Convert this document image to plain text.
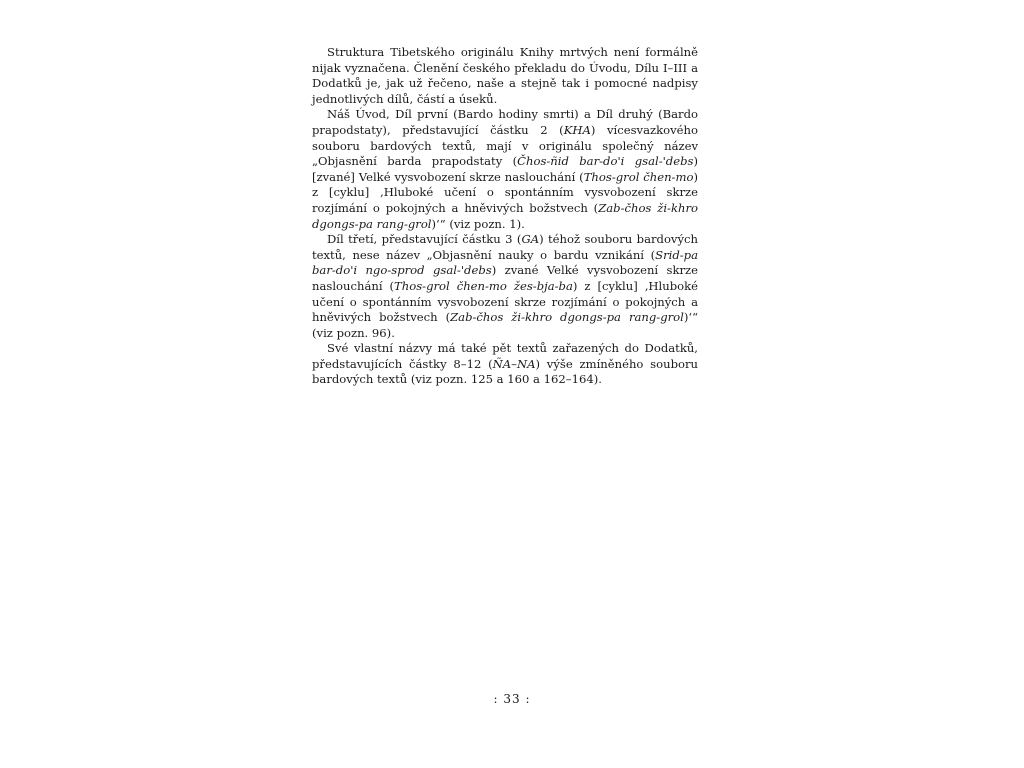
Struktura Tibetského originálu Knihy mrtvých není formálně nijak vyznačena. Členění českého překladu do Úvodu, Dílu I–III a Dodatků je, jak už řečeno, naše a stejně tak i pomocné nadpisy jednotlivých dílů, částí a úseků.

Náš Úvod, Díl první (Bardo hodiny smrti) a Díl druhý (Bardo prapodstaty), představující částku 2 (KHA) vícesvazkového souboru bardových textů, mají v originálu společný název „Objasnění barda prapodstaty (Čhos-ñid bar-do'i gsal-'debs) [zvané] Velké vysvobození skrze naslouchání (Thos-grol čhen-mo) z [cyklu] ‚Hluboké učení o spontánním vysvobození skrze rozjímání o pokojných a hněvivých božstvech (Zab-čhos ži-khro dgongs-pa rang-grol)‘“ (viz pozn. 1).

Díl třetí, představující částku 3 (GA) téhož souboru bardových textů, nese název „Objasnění nauky o bardu vznikání (Srid-pa bar-do'i ngo-sprod gsal-'debs) zvané Velké vysvobození skrze naslouchání (Thos-grol čhen-mo žes-bja-ba) z [cyklu] ‚Hluboké učení o spontánním vysvobození skrze rozjímání o pokojných a hněvivých božstvech (Zab-čhos ži-khro dgongs-pa rang-grol)‘“ (viz pozn. 96).

Své vlastní názvy má také pět textů zařazených do Dodatků, představujících částky 8–12 (ÑA–NA) výše zmíněného souboru bardových textů (viz pozn. 125 a 160 a 162–164).

: 33 :
